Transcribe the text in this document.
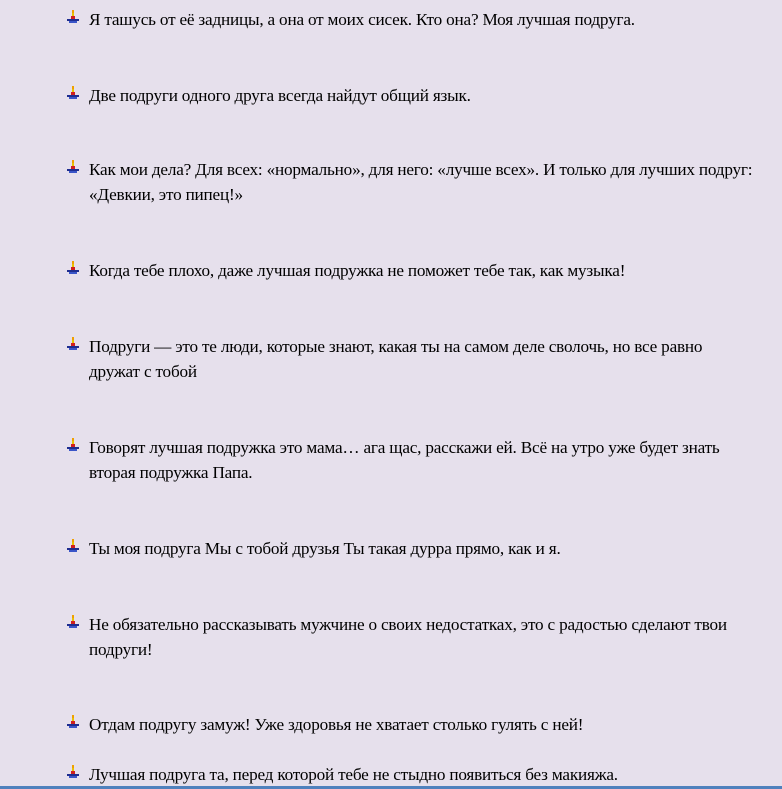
Я ташусь от её задницы, а она от моих сисек. Кто она? Моя лучшая подруга.
Две подруги одного друга всегда найдут общий язык.
Как мои дела? Для всех: «нормально», для него: «лучше всех». И только для лучших подруг: «Девкии, это пипец!»
Когда тебе плохо, даже лучшая подружка не поможет тебе так, как музыка!
Подруги — это те люди, которые знают, какая ты на самом деле сволочь, но все равно дружат с тобой
Говорят лучшая подружка это мама… ага щас, расскажи ей. Всё на утро уже будет знать вторая подружка Папа.
Ты моя подруга Мы с тобой друзья Ты такая дурра прямо, как и я.
Не обязательно рассказывать мужчине о своих недостатках, это с радостью сделают твои подруги!
Отдам подругу замуж! Уже здоровья не хватает столько гулять с ней!
Лучшая подруга та, перед которой тебе не стыдно появиться без макияжа.
